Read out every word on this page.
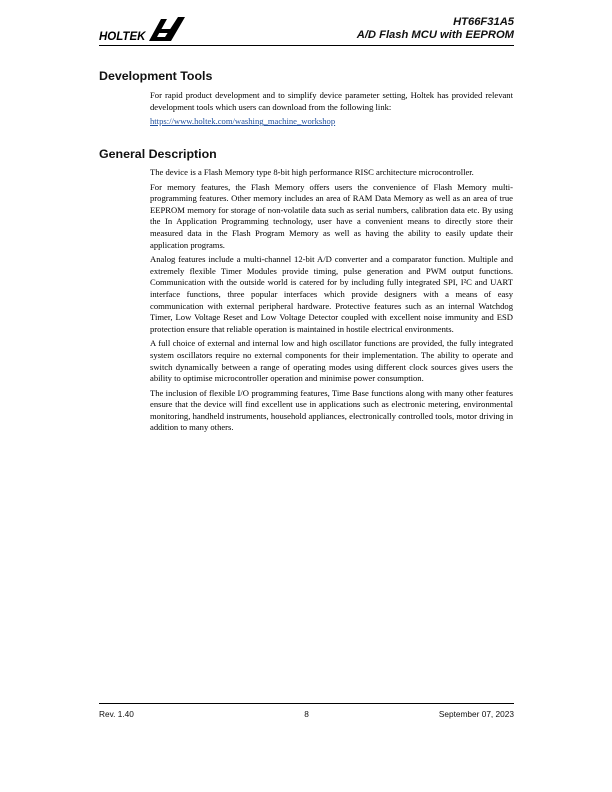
HOLTEK
HT66F31A5
A/D Flash MCU with EEPROM
Development Tools

For rapid product development and to simplify device parameter setting, Holtek has provided relevant development tools which users can download from the following link:

https://www.holtek.com/washing_machine_workshop

General Description

The device is a Flash Memory type 8-bit high performance RISC architecture microcontroller.

For memory features, the Flash Memory offers users the convenience of Flash Memory multi-programming features. Other memory includes an area of RAM Data Memory as well as an area of true EEPROM memory for storage of non-volatile data such as serial numbers, calibration data etc. By using the In Application Programming technology, user have a convenient means to directly store their measured data in the Flash Program Memory as well as having the ability to easily update their application programs.

Analog features include a multi-channel 12-bit A/D converter and a comparator function. Multiple and extremely flexible Timer Modules provide timing, pulse generation and PWM output functions. Communication with the outside world is catered for by including fully integrated SPI, I²C and UART interface functions, three popular interfaces which provide designers with a means of easy communication with external peripheral hardware. Protective features such as an internal Watchdog Timer, Low Voltage Reset and Low Voltage Detector coupled with excellent noise immunity and ESD protection ensure that reliable operation is maintained in hostile electrical environments.

A full choice of external and internal low and high oscillator functions are provided, the fully integrated system oscillators require no external components for their implementation. The ability to operate and switch dynamically between a range of operating modes using different clock sources gives users the ability to optimise microcontroller operation and minimise power consumption.

The inclusion of flexible I/O programming features, Time Base functions along with many other features ensure that the device will find excellent use in applications such as electronic metering, environmental monitoring, handheld instruments, household appliances, electronically controlled tools, motor driving in addition to many others.

Rev. 1.40	8	September 07, 2023
